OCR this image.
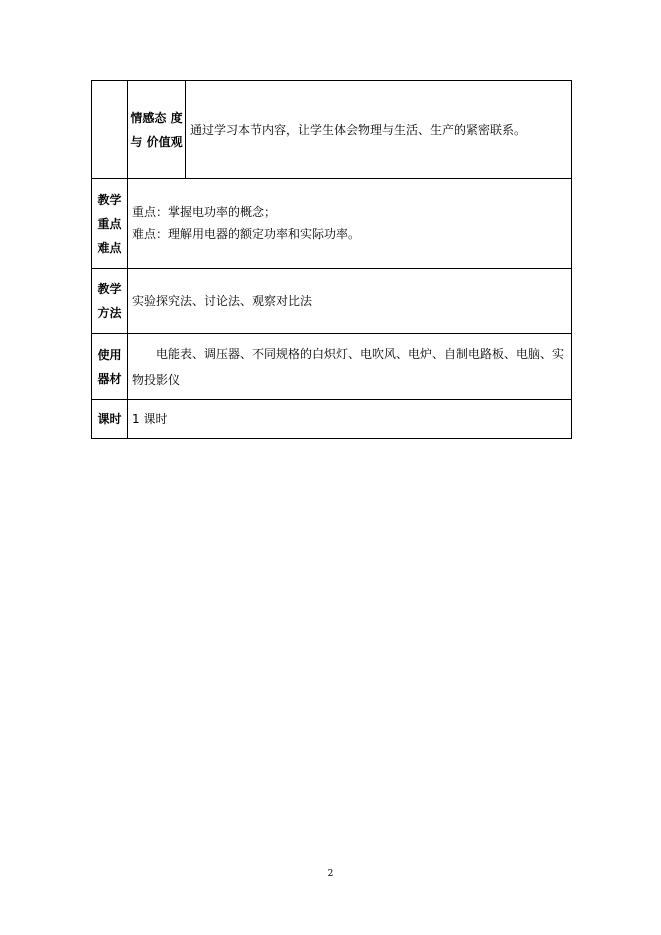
	情感态 度与 价值观	通过学习本节内容，让学生体会物理与生活、生产的紧密联系。

教学
重点
难点	重点：掌握电功率的概念；
难点：理解用电器的额定功率和实际功率。	

教学
方法	实验探究法、讨论法、观察对比法	

使用
器材	电能表、调压器、不同规格的白炽灯、电吹风、电炉、自制电路板、电脑、实物投影仪	

课时	1 课时	
2
